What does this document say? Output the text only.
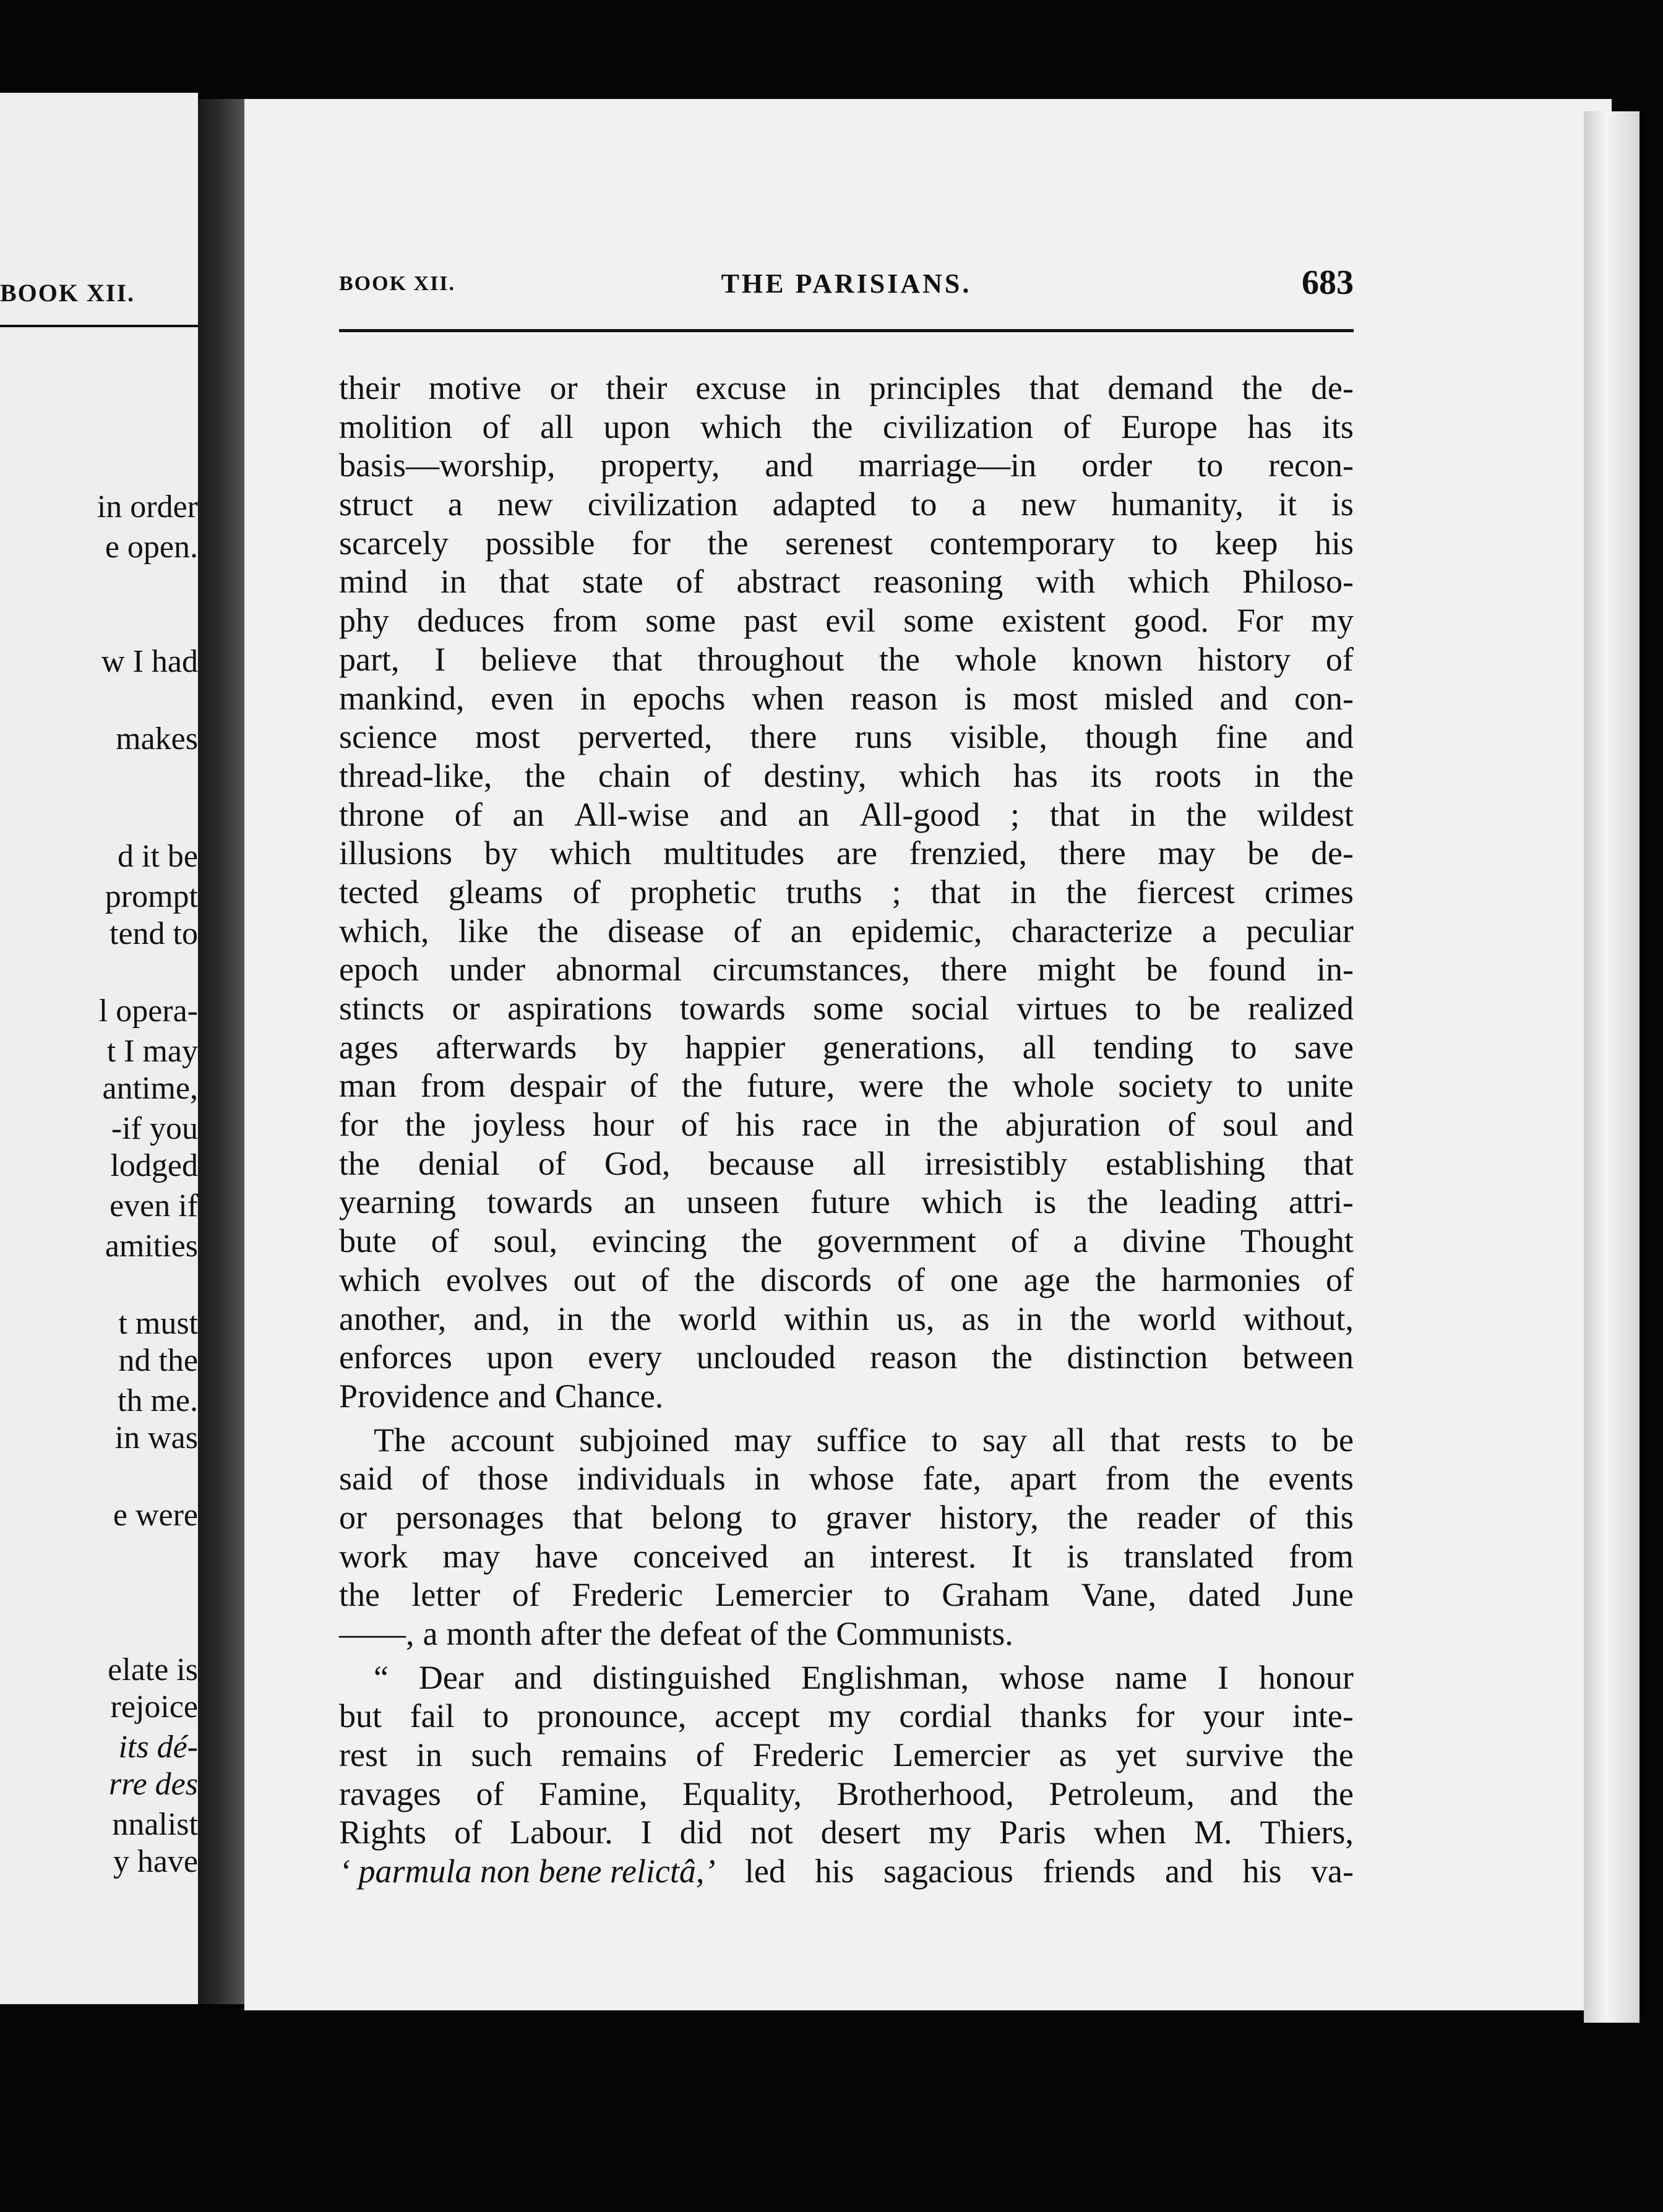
BOOK XII.
in order
e open.
w I had
makes
d it be
prompt
tend to
l opera-
t I may
antime,
-if you
lodged
even if
amities
t must
nd the
th me.
in was
e were
elate is
rejoice
its dé-
rre des
nnalist
y have
BOOK XII.	THE PARISIANS.	683
their motive or their excuse in principles that demand the de-
molition of all upon which the civilization of Europe has its
basis—worship, property, and marriage—in order to recon-
struct a new civilization adapted to a new humanity, it is
scarcely possible for the serenest contemporary to keep his
mind in that state of abstract reasoning with which Philoso-
phy deduces from some past evil some existent good. For my
part, I believe that throughout the whole known history of
mankind, even in epochs when reason is most misled and con-
science most perverted, there runs visible, though fine and
thread-like, the chain of destiny, which has its roots in the
throne of an All-wise and an All-good ; that in the wildest
illusions by which multitudes are frenzied, there may be de-
tected gleams of prophetic truths ; that in the fiercest crimes
which, like the disease of an epidemic, characterize a peculiar
epoch under abnormal circumstances, there might be found in-
stincts or aspirations towards some social virtues to be realized
ages afterwards by happier generations, all tending to save
man from despair of the future, were the whole society to unite
for the joyless hour of his race in the abjuration of soul and
the denial of God, because all irresistibly establishing that
yearning towards an unseen future which is the leading attri-
bute of soul, evincing the government of a divine Thought
which evolves out of the discords of one age the harmonies of
another, and, in the world within us, as in the world without,
enforces upon every unclouded reason the distinction between
Providence and Chance.
The account subjoined may suffice to say all that rests to be
said of those individuals in whose fate, apart from the events
or personages that belong to graver history, the reader of this
work may have conceived an interest. It is translated from
the letter of Frederic Lemercier to Graham Vane, dated June
——, a month after the defeat of the Communists.
“ Dear and distinguished Englishman, whose name I honour
but fail to pronounce, accept my cordial thanks for your inte-
rest in such remains of Frederic Lemercier as yet survive the
ravages of Famine, Equality, Brotherhood, Petroleum, and the
Rights of Labour. I did not desert my Paris when M. Thiers,
‘ parmula non bene relictâ,’ led his sagacious friends and his va-
